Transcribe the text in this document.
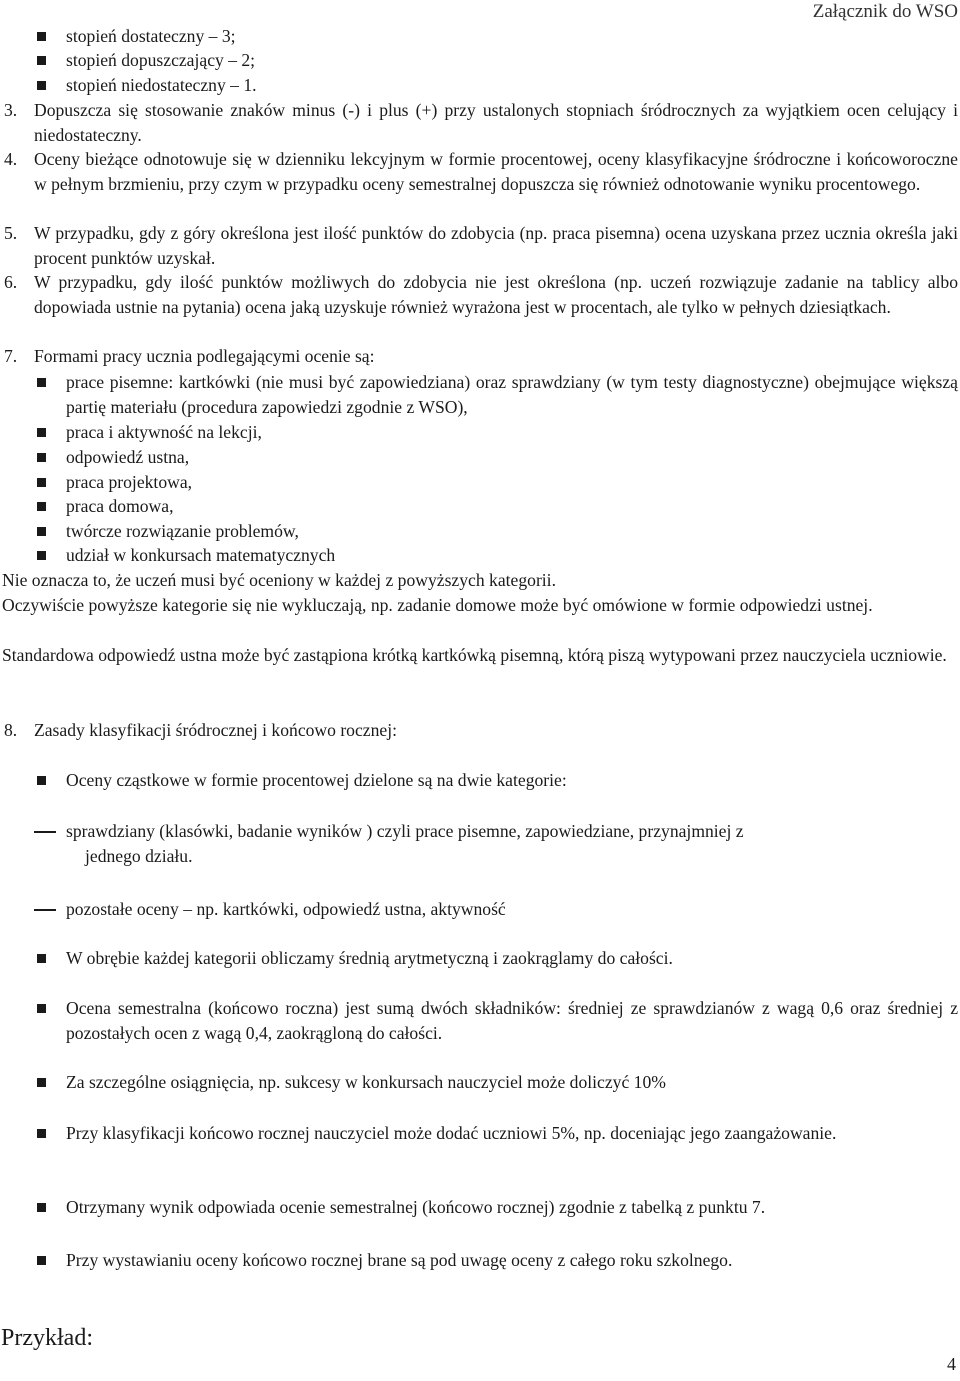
Załącznik do WSO
stopień dostateczny – 3;
stopień dopuszczający – 2;
stopień niedostateczny – 1.
3. Dopuszcza się stosowanie znaków minus (-) i plus (+) przy ustalonych stopniach śródrocznych za wyjątkiem ocen celujący i niedostateczny.
4. Oceny bieżące odnotowuje się w dzienniku lekcyjnym w formie procentowej, oceny klasyfikacyjne śródroczne i końcoworoczne w pełnym brzmieniu, przy czym w przypadku oceny semestralnej dopuszcza się również odnotowanie wyniku procentowego.
5. W przypadku, gdy z góry określona jest ilość punktów do zdobycia (np. praca pisemna) ocena uzyskana przez ucznia określa jaki procent punktów uzyskał.
6. W przypadku, gdy ilość punktów możliwych do zdobycia nie jest określona (np. uczeń rozwiązuje zadanie na tablicy albo dopowiada ustnie na pytania) ocena jaką uzyskuje również wyrażona jest w procentach, ale tylko w pełnych dziesiątkach.
7. Formami pracy ucznia podlegającymi ocenie są:
prace pisemne: kartkówki (nie musi być zapowiedziana) oraz sprawdziany (w tym testy diagnostyczne) obejmujące większą partię materiału (procedura zapowiedzi zgodnie z WSO),
praca i aktywność na lekcji,
odpowiedź ustna,
praca projektowa,
praca domowa,
twórcze rozwiązanie problemów,
udział w konkursach matematycznych
Nie oznacza to, że uczeń musi być oceniony w każdej z powyższych kategorii.
Oczywiście powyższe kategorie się nie wykluczają, np. zadanie domowe może być omówione w formie odpowiedzi ustnej.
Standardowa odpowiedź ustna może być zastąpiona krótką kartkówką pisemną, którą piszą wytypowani przez nauczyciela uczniowie.
8. Zasady klasyfikacji śródrocznej i końcowo rocznej:
Oceny cząstkowe w formie procentowej dzielone są na dwie kategorie:
sprawdziany (klasówki, badanie wyników ) czyli prace pisemne, zapowiedziane, przynajmniej z
jednego działu.
pozostałe oceny – np. kartkówki, odpowiedź ustna, aktywność
W obrębie każdej kategorii obliczamy średnią arytmetyczną i zaokrąglamy do całości.
Ocena semestralna (końcowo roczna) jest sumą dwóch składników: średniej ze sprawdzianów z wagą 0,6 oraz średniej z pozostałych ocen z wagą 0,4, zaokrągloną do całości.
Za szczególne osiągnięcia, np. sukcesy w konkursach nauczyciel może doliczyć 10%
Przy klasyfikacji końcowo rocznej nauczyciel może dodać uczniowi 5%, np. doceniając jego zaangażowanie.
Otrzymany wynik odpowiada ocenie semestralnej (końcowo rocznej) zgodnie z tabelką z punktu 7.
Przy wystawianiu oceny końcowo rocznej brane są pod uwagę oceny z całego roku szkolnego.
Przykład:
4
